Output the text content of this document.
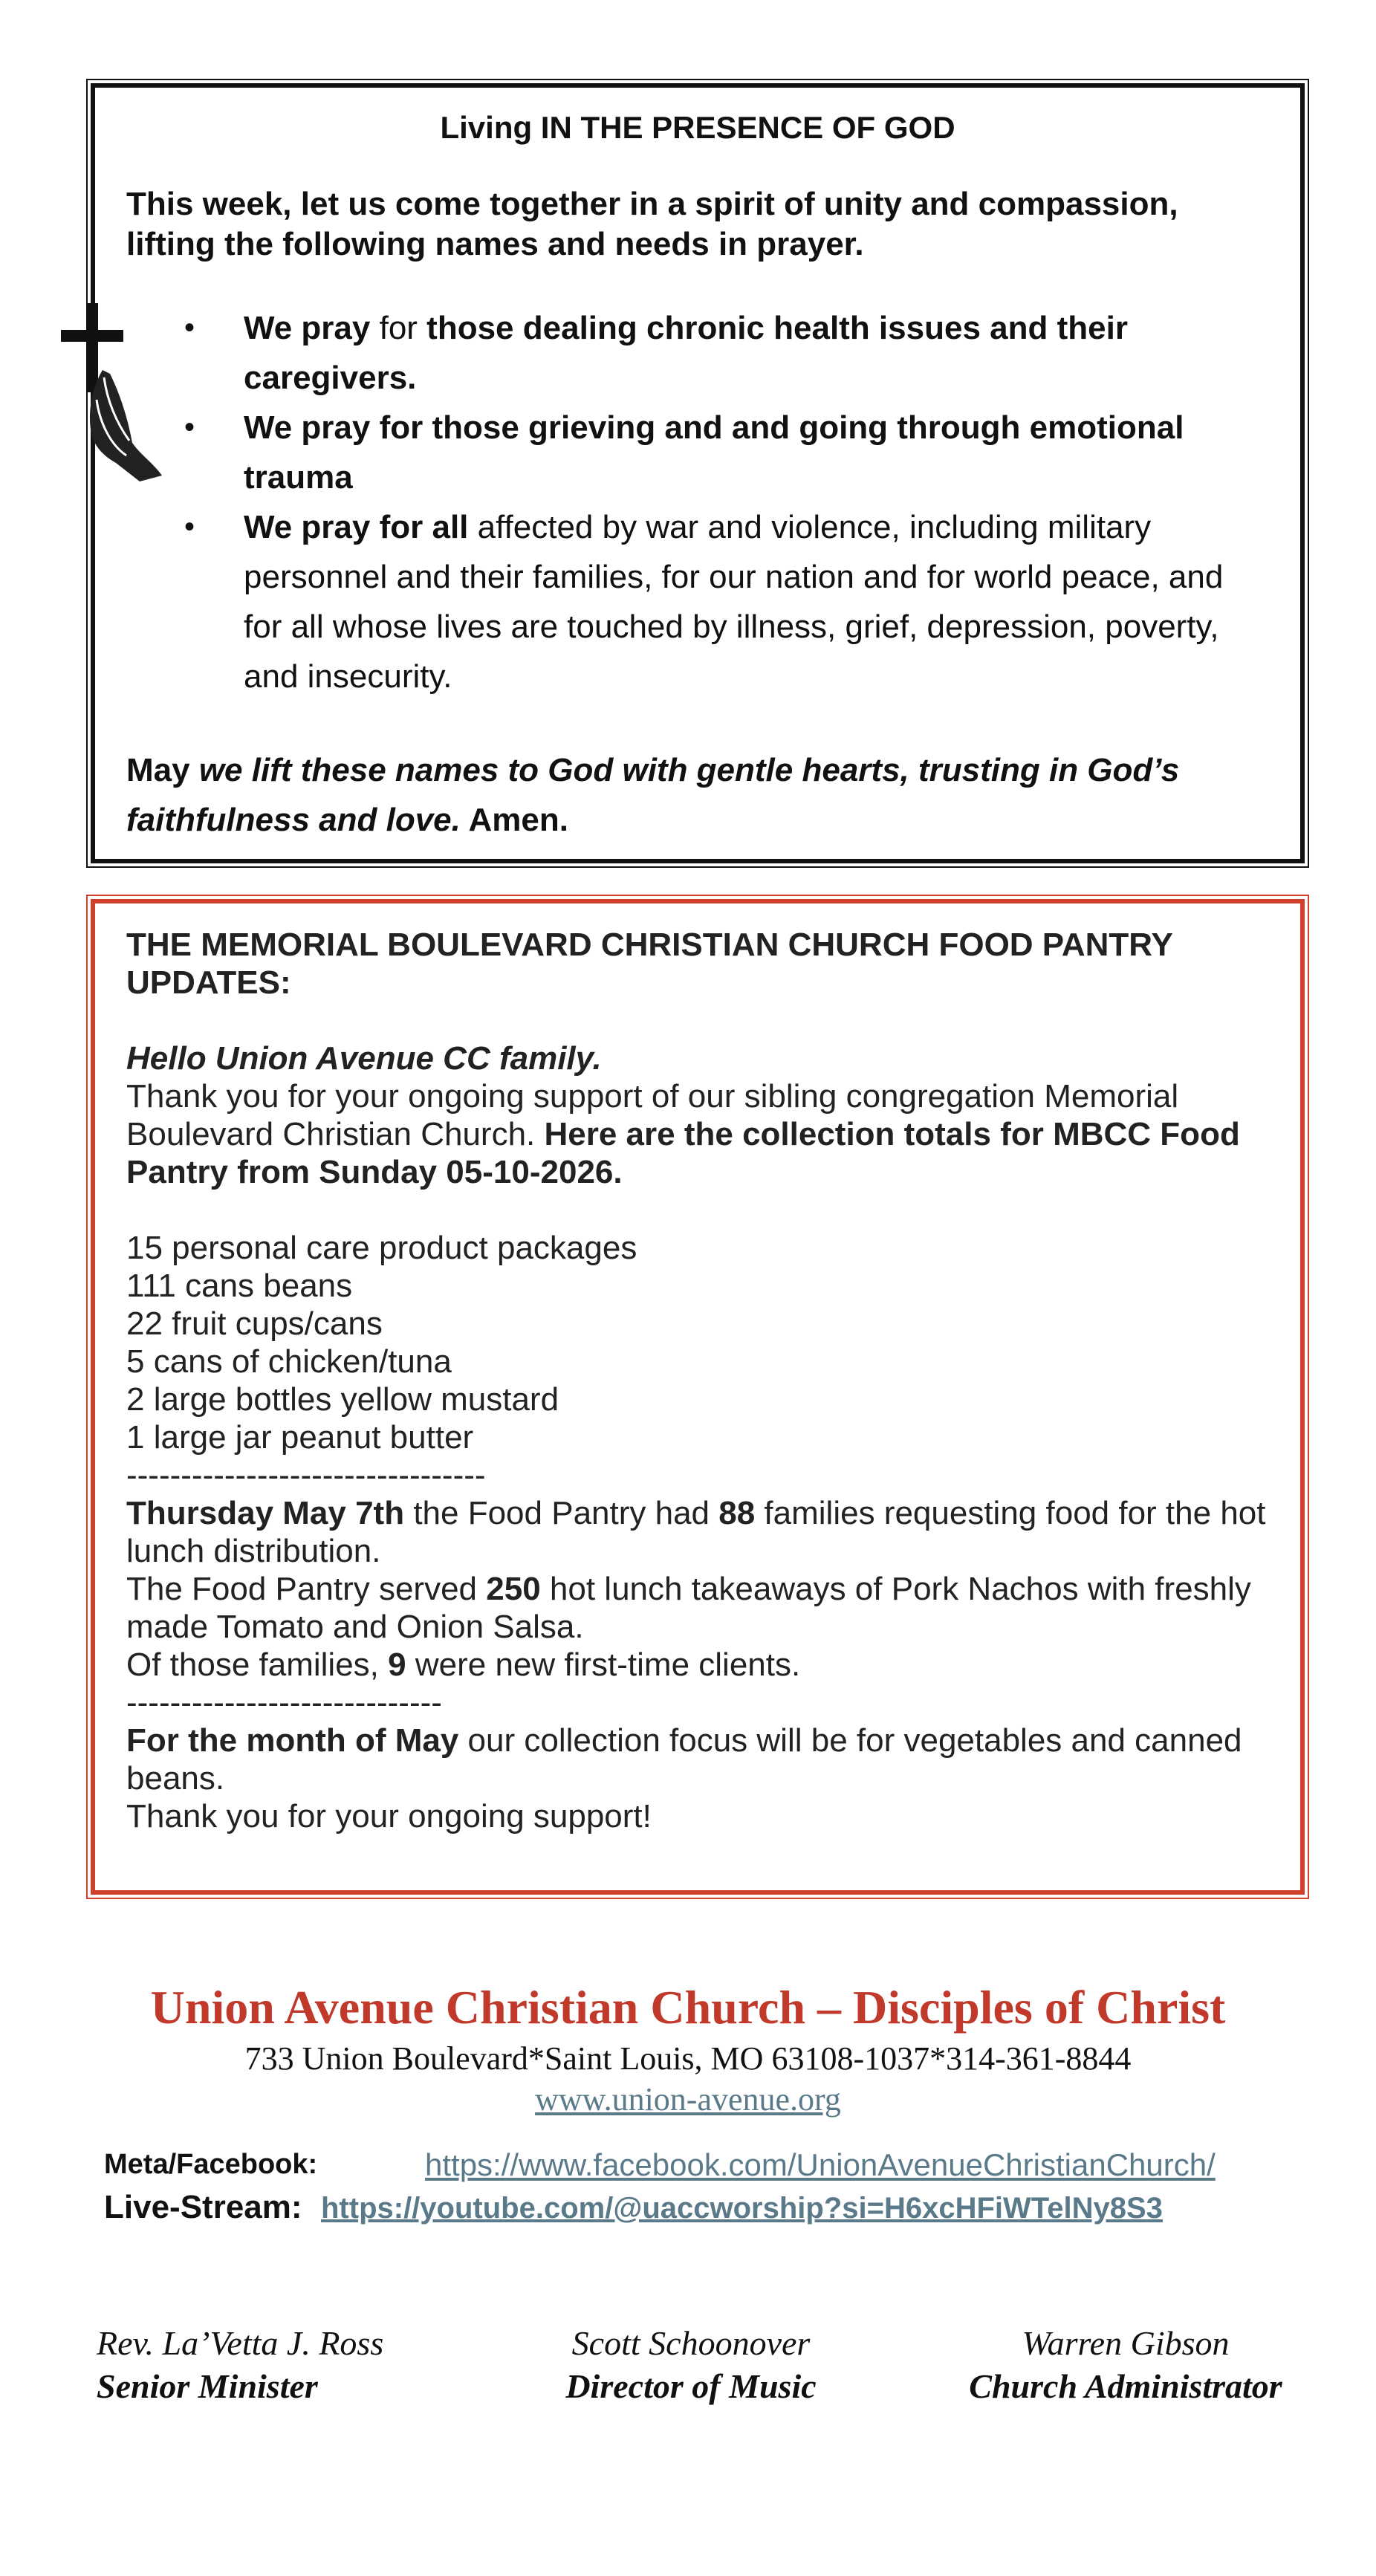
Living IN THE PRESENCE OF GOD
This week, let us come together in a spirit of unity and compassion, lifting the following names and needs in prayer.
• We pray for those dealing chronic health issues and their caregivers.
• We pray for those grieving and and going through emotional trauma
• We pray for all affected by war and violence, including military personnel and their families, for our nation and for world peace, and for all whose lives are touched by illness, grief, depression, poverty, and insecurity.
May we lift these names to God with gentle hearts, trusting in God’s faithfulness and love. Amen.

THE MEMORIAL BOULEVARD CHRISTIAN CHURCH FOOD PANTRY UPDATES:

Hello Union Avenue CC family.

Thank you for your ongoing support of our sibling congregation Memorial Boulevard Christian Church. Here are the collection totals for MBCC Food Pantry from Sunday 05-10-2026.

15 personal care product packages

111 cans beans

22 fruit cups/cans

5 cans of chicken/tuna

2 large bottles yellow mustard

1 large jar peanut butter

---------------------------------

Thursday May 7th the Food Pantry had 88 families requesting food for the hot lunch distribution.

The Food Pantry served 250 hot lunch takeaways of Pork Nachos with freshly made Tomato and Onion Salsa.

Of those families, 9 were new first-time clients.

-----------------------------

For the month of May our collection focus will be for vegetables and canned beans.

Thank you for your ongoing support!

Union Avenue Christian Church – Disciples of Christ
733 Union Boulevard*Saint Louis, MO 63108-1037*314-361-8844
www.union-avenue.org
Meta/Facebook:	https://www.facebook.com/UnionAvenueChristianChurch/
Live-Stream: https://youtube.com/@uaccworship?si=H6xcHFiWTelNy8S3
Rev. La’Vetta J. Ross
Senior Minister
Scott Schoonover
Director of Music
Warren Gibson
Church Administrator
